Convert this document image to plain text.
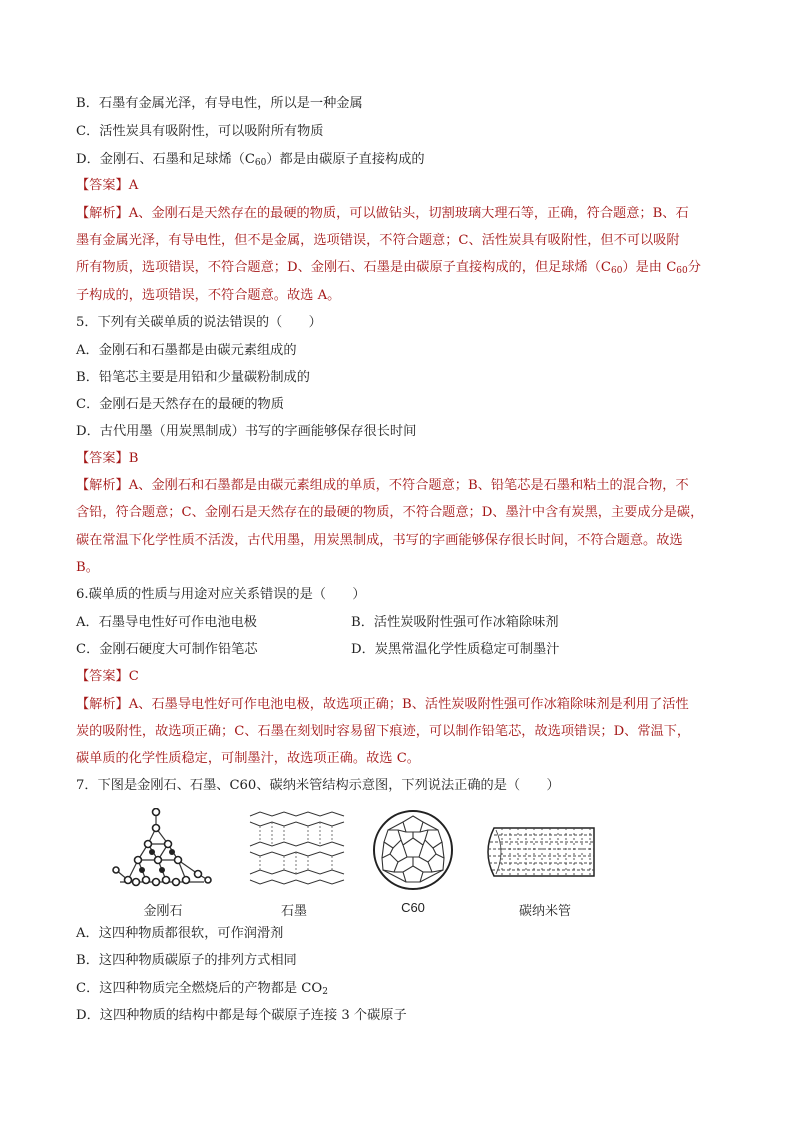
B．石墨有金属光泽，有导电性，所以是一种金属
C．活性炭具有吸附性，可以吸附所有物质
D．金刚石、石墨和足球烯$(C_{60})$都是由碳原子直接构成的
【答案】A
【解析】A、金刚石是天然存在的最硬的物质，可以做钻头，切割玻璃大理石等，正确，符合题意；B、石
墨有金属光泽，有导电性，但不是金属，选项错误，不符合题意；C、活性炭具有吸附性，但不可以吸附
所有物质，选项错误，不符合题意；D、金刚石、石墨是由碳原子直接构成的，但足球烯$(C_{60})$是由 $C_{60}$分
子构成的，选项错误，不符合题意。故选 A。
5．下列有关碳单质的说法错误的（　　）
A．金刚石和石墨都是由碳元素组成的
B．铅笔芯主要是用铅和少量碳粉制成的
C．金刚石是天然存在的最硬的物质
D．古代用墨（用炭黑制成）书写的字画能够保存很长时间
【答案】B
【解析】A、金刚石和石墨都是由碳元素组成的单质，不符合题意；B、铅笔芯是石墨和粘土的混合物，不
含铅，符合题意；C、金刚石是天然存在的最硬的物质，不符合题意；D、墨汁中含有炭黑，主要成分是碳，
碳在常温下化学性质不活泼，古代用墨，用炭黑制成，书写的字画能够保存很长时间，不符合题意。故选
B。
6.碳单质的性质与用途对应关系错误的是（　　）
A．石墨导电性好可作电池电极	B．活性炭吸附性强可作冰箱除味剂
C．金刚石硬度大可制作铅笔芯	D．炭黑常温化学性质稳定可制墨汁
【答案】C
【解析】A、石墨导电性好可作电池电极，故选项正确；B、活性炭吸附性强可作冰箱除味剂是利用了活性
炭的吸附性，故选项正确；C、石墨在刻划时容易留下痕迹，可以制作铅笔芯，故选项错误；D、常温下，
碳单质的化学性质稳定，可制墨汁，故选项正确。故选 C。
7．下图是金刚石、石墨、C60、碳纳米管结构示意图，下列说法正确的是（　　）
金刚石	石墨	C60	碳纳米管
A．这四种物质都很软，可作润滑剂
B．这四种物质碳原子的排列方式相同
C．这四种物质完全燃烧后的产物都是 $CO_2$
D．这四种物质的结构中都是每个碳原子连接 3 个碳原子
